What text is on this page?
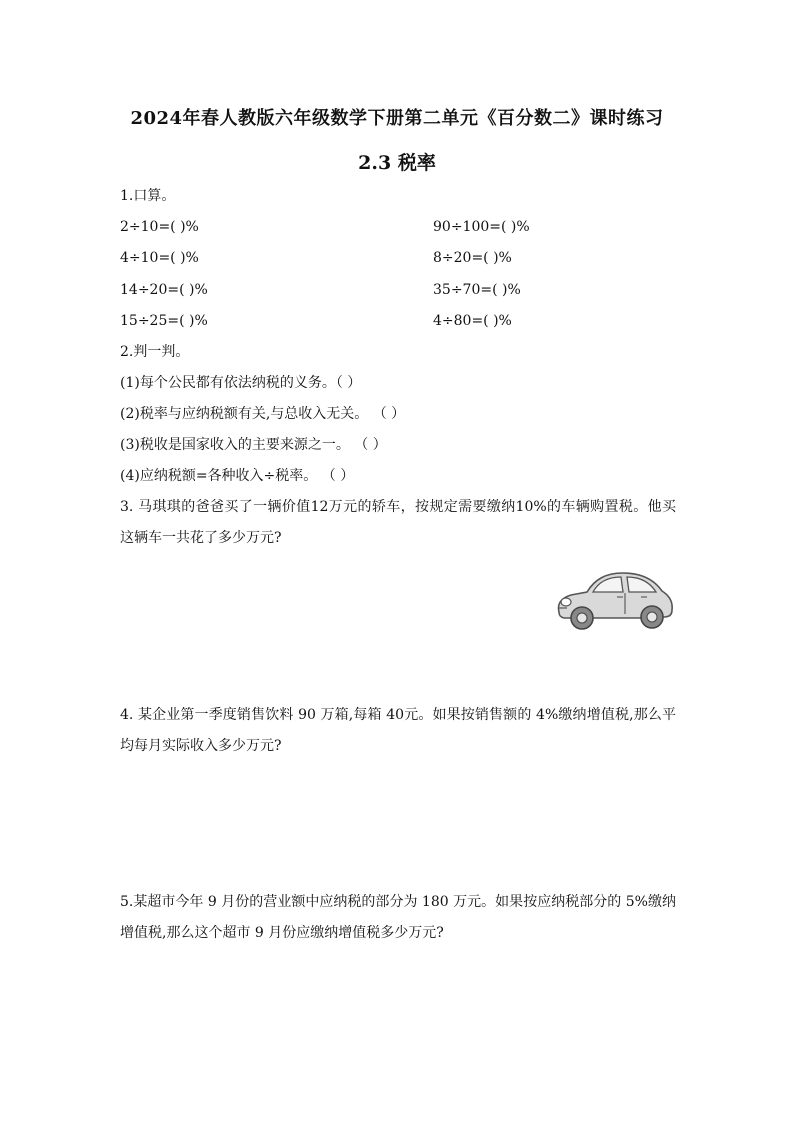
2024年春人教版六年级数学下册第二单元《百分数二》课时练习
2.3 税率
1.口算。
2÷10=( )%	90÷100=( )%
4÷10=( )%	8÷20=( )%
14÷20=( )%	35÷70=( )%
15÷25=( )%	4÷80=( )%
2.判一判。
(1)每个公民都有依法纳税的义务。（ ）
(2)税率与应纳税额有关,与总收入无关。 （ ）
(3)税收是国家收入的主要来源之一。 （ ）
(4)应纳税额=各种收入÷税率。 （ ）
3. 马琪琪的爸爸买了一辆价值12万元的轿车，按规定需要缴纳10%的车辆购置税。他买这辆车一共花了多少万元?
4. 某企业第一季度销售饮料 90 万箱,每箱 40元。如果按销售额的 4%缴纳增值税,那么平均每月实际收入多少万元?
5.某超市今年 9 月份的营业额中应纳税的部分为 180 万元。如果按应纳税部分的 5%缴纳增值税,那么这个超市 9 月份应缴纳增值税多少万元?
